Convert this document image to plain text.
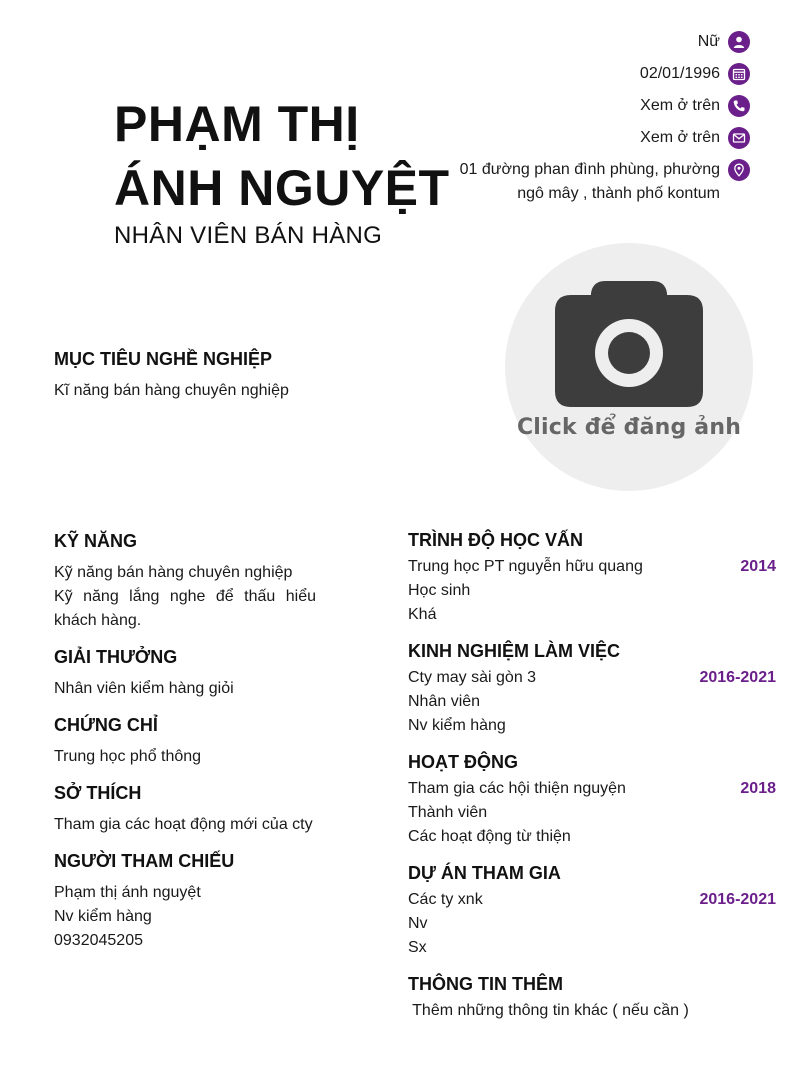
PHẠM THỊ
ÁNH NGUYỆT
NHÂN VIÊN BÁN HÀNG
Nữ
02/01/1996
Xem ở trên
Xem ở trên
01 đường phan đình phùng, phường
ngô mây , thành phố kontum
Click để đăng ảnh
MỤC TIÊU NGHỀ NGHIỆP
Kĩ năng bán hàng chuyên nghiệp
KỸ NĂNG
Kỹ năng bán hàng chuyên nghiệp
Kỹ năng lắng nghe để thấu hiểu khách hàng.
GIẢI THƯỞNG
Nhân viên kiểm hàng giỏi
CHỨNG CHỈ
Trung học phổ thông
SỞ THÍCH
Tham gia các hoạt động mới của cty
NGƯỜI THAM CHIẾU
Phạm thị ánh nguyệt
Nv kiểm hàng
0932045205
TRÌNH ĐỘ HỌC VẤN
Trung học PT nguyễn hữu quang	2014
Học sinh
Khá
KINH NGHIỆM LÀM VIỆC
Cty may sài gòn 3	2016-2021
Nhân viên
Nv kiểm hàng
HOẠT ĐỘNG
Tham gia các hội thiện nguyện	2018
Thành viên
Các hoạt động từ thiện
DỰ ÁN THAM GIA
Các ty xnk	2016-2021
Nv
Sx
THÔNG TIN THÊM
Thêm những thông tin khác ( nếu cần )
